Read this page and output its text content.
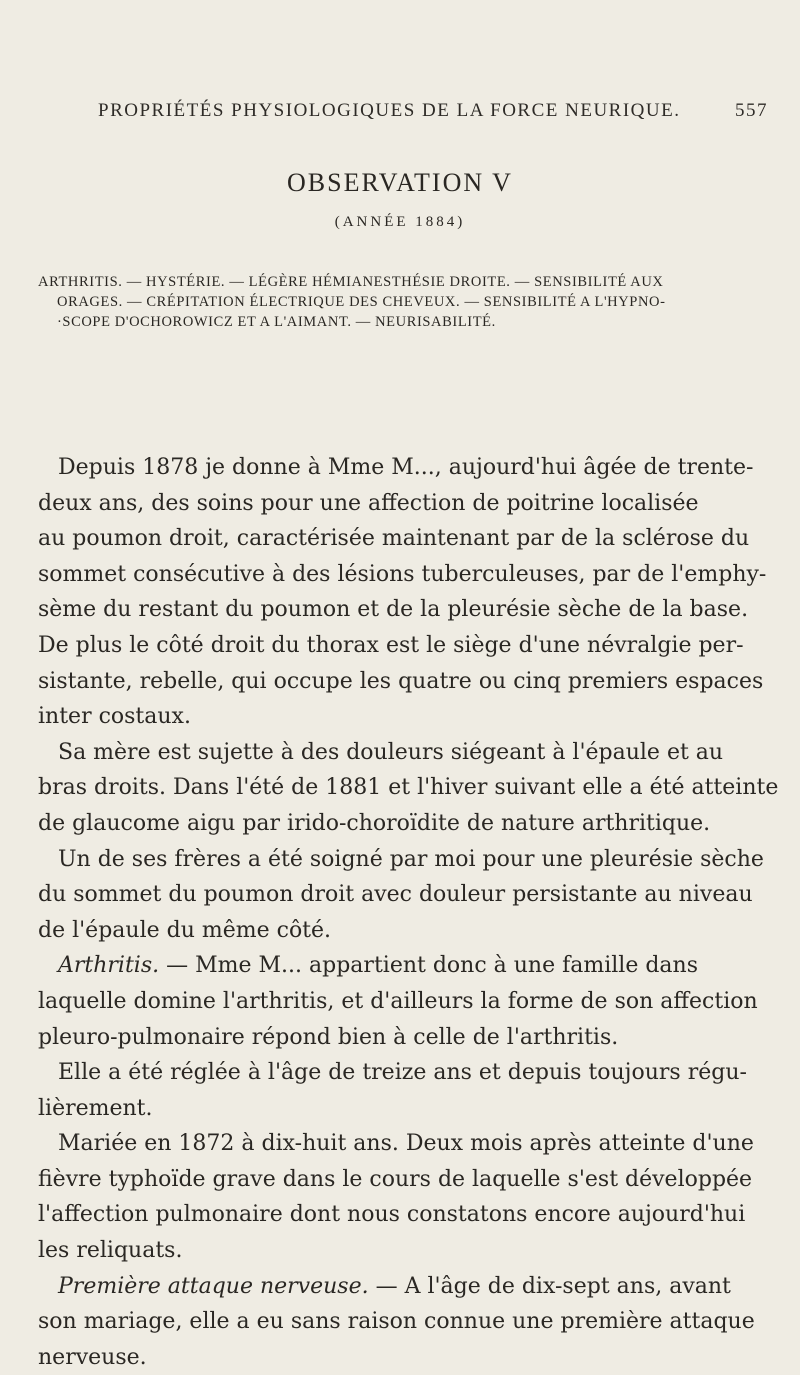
PROPRIÉTÉS PHYSIOLOGIQUES DE LA FORCE NEURIQUE.	557
OBSERVATION V
(ANNÉE 1884)
ARTHRITIS. — HYSTÉRIE. — LÉGÈRE HÉMIANESTHÉSIE DROITE. — SENSIBILITÉ AUX
ORAGES. — CRÉPITATION ÉLECTRIQUE DES CHEVEUX. — SENSIBILITÉ A L'HYPNO-
·SCOPE D'OCHOROWICZ ET A L'AIMANT. — NEURISABILITÉ.
Depuis 1878 je donne à Mme M..., aujourd'hui âgée de trente-
deux ans, des soins pour une affection de poitrine localisée
au poumon droit, caractérisée maintenant par de la sclérose du
sommet consécutive à des lésions tuberculeuses, par de l'emphy-
sème du restant du poumon et de la pleurésie sèche de la base.
De plus le côté droit du thorax est le siège d'une névralgie per-
sistante, rebelle, qui occupe les quatre ou cinq premiers espaces
inter costaux.
Sa mère est sujette à des douleurs siégeant à l'épaule et au
bras droits. Dans l'été de 1881 et l'hiver suivant elle a été atteinte
de glaucome aigu par irido-choroïdite de nature arthritique.
Un de ses frères a été soigné par moi pour une pleurésie sèche
du sommet du poumon droit avec douleur persistante au niveau
de l'épaule du même côté.
Arthritis. — Mme M... appartient donc à une famille dans
laquelle domine l'arthritis, et d'ailleurs la forme de son affection
pleuro-pulmonaire répond bien à celle de l'arthritis.
Elle a été réglée à l'âge de treize ans et depuis toujours régu-
lièrement.
Mariée en 1872 à dix-huit ans. Deux mois après atteinte d'une
fièvre typhoïde grave dans le cours de laquelle s'est développée
l'affection pulmonaire dont nous constatons encore aujourd'hui
les reliquats.
Première attaque nerveuse. — A l'âge de dix-sept ans, avant
son mariage, elle a eu sans raison connue une première attaque
nerveuse.
